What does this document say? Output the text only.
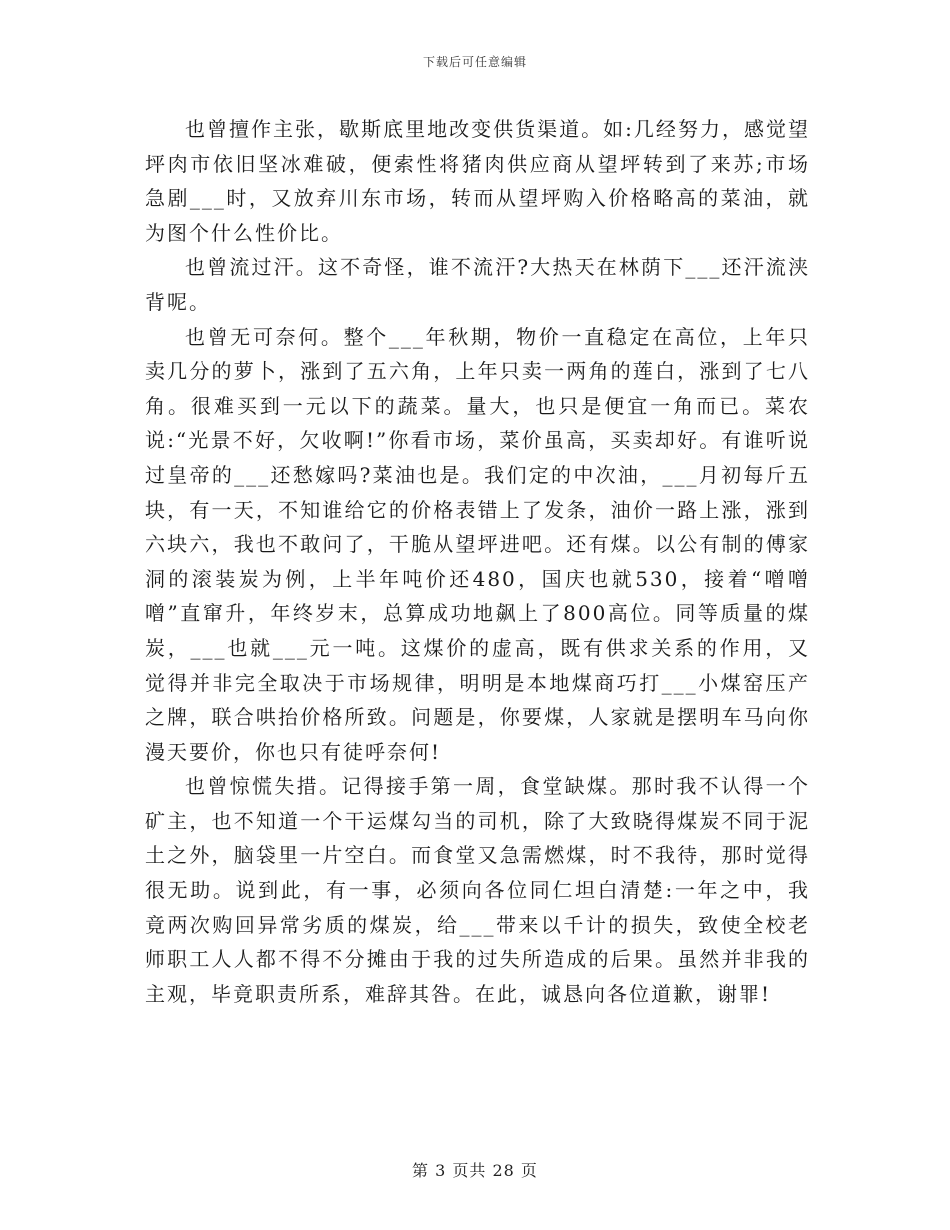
下载后可任意编辑

也曾擅作主张，歇斯底里地改变供货渠道。如:几经努力，感觉望坪肉市依旧坚冰难破，便索性将猪肉供应商从望坪转到了来苏;市场急剧___时，又放弃川东市场，转而从望坪购入价格略高的菜油，就为图个什么性价比。

也曾流过汗。这不奇怪，谁不流汗?大热天在林荫下___还汗流浃背呢。

也曾无可奈何。整个___年秋期，物价一直稳定在高位，上年只卖几分的萝卜，涨到了五六角，上年只卖一两角的莲白，涨到了七八角。很难买到一元以下的蔬菜。量大，也只是便宜一角而已。菜农说:“光景不好，欠收啊!”你看市场，菜价虽高，买卖却好。有谁听说过皇帝的___还愁嫁吗?菜油也是。我们定的中次油，___月初每斤五块，有一天，不知谁给它的价格表错上了发条，油价一路上涨，涨到六块六，我也不敢问了，干脆从望坪进吧。还有煤。以公有制的傅家洞的滚装炭为例，上半年吨价还480，国庆也就530，接着“噌噌噌”直窜升，年终岁末，总算成功地飙上了800高位。同等质量的煤炭，___也就___元一吨。这煤价的虚高，既有供求关系的作用，又觉得并非完全取决于市场规律，明明是本地煤商巧打___小煤窑压产之牌，联合哄抬价格所致。问题是，你要煤，人家就是摆明车马向你漫天要价，你也只有徒呼奈何!

也曾惊慌失措。记得接手第一周，食堂缺煤。那时我不认得一个矿主，也不知道一个干运煤勾当的司机，除了大致晓得煤炭不同于泥土之外，脑袋里一片空白。而食堂又急需燃煤，时不我待，那时觉得很无助。说到此，有一事，必须向各位同仁坦白清楚:一年之中，我竟两次购回异常劣质的煤炭，给___带来以千计的损失，致使全校老师职工人人都不得不分摊由于我的过失所造成的后果。虽然并非我的主观，毕竟职责所系，难辞其咎。在此，诚恳向各位道歉，谢罪!

第 3 页共 28 页
